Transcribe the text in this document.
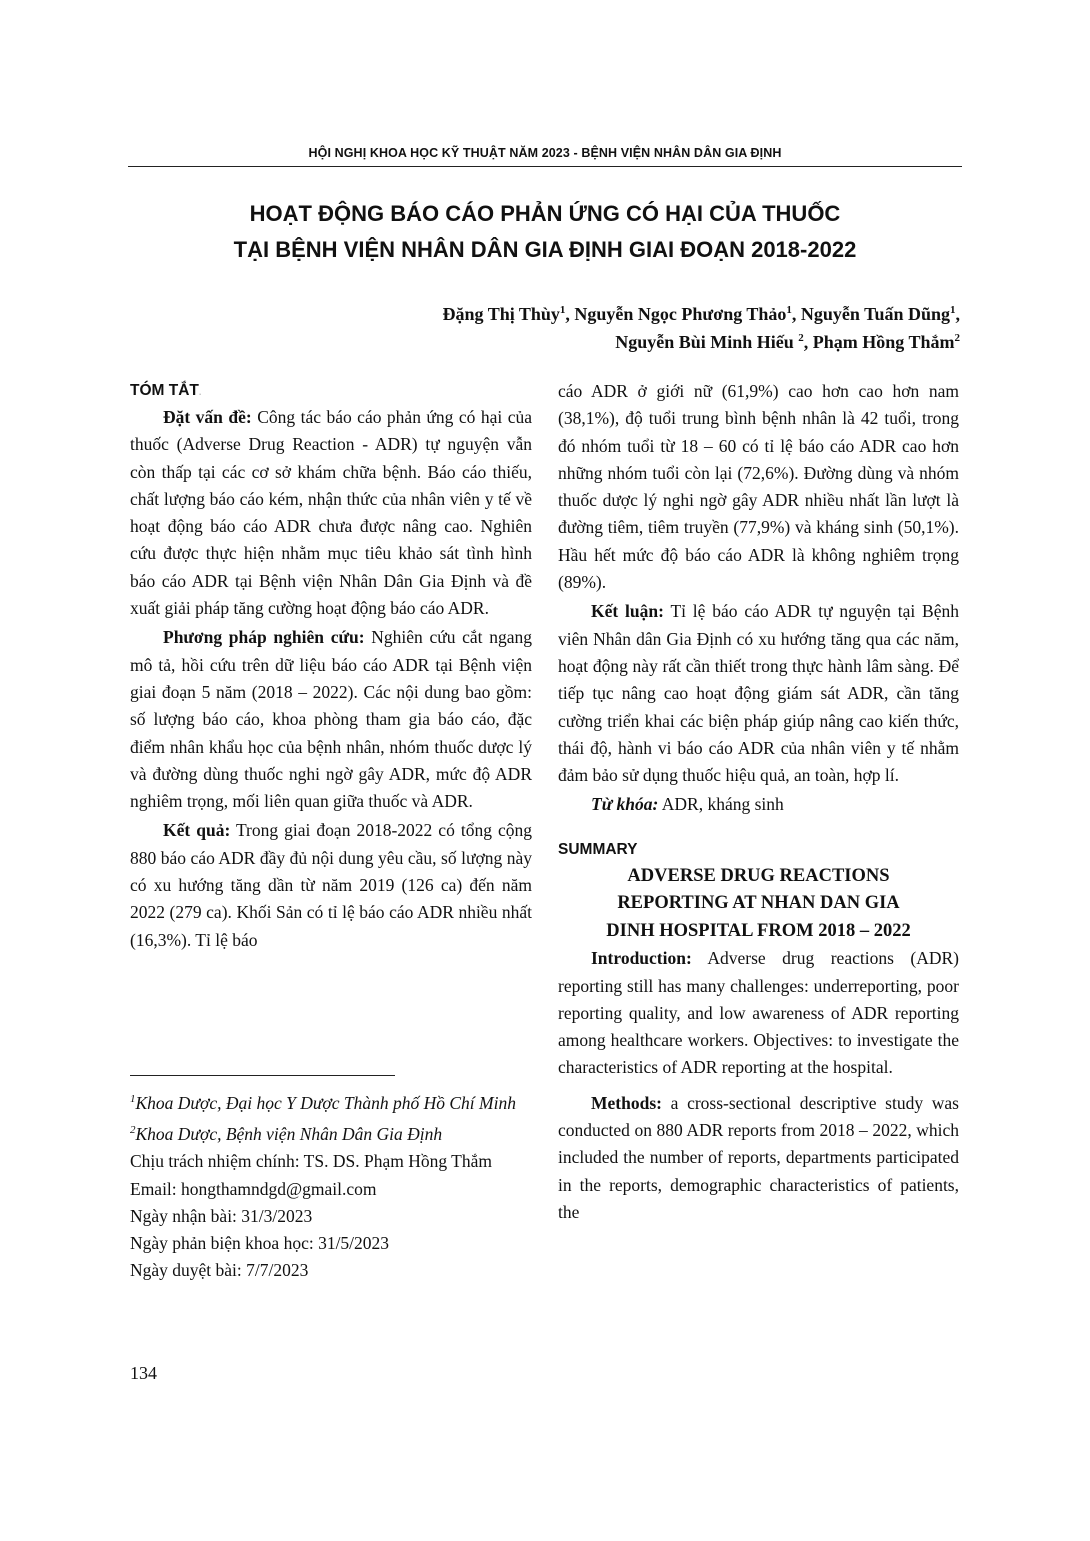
HỘI NGHỊ KHOA HỌC KỸ THUẬT NĂM 2023 - BỆNH VIỆN NHÂN DÂN GIA ĐỊNH
HOẠT ĐỘNG BÁO CÁO PHẢN ỨNG CÓ HẠI CỦA THUỐC
TẠI BỆNH VIỆN NHÂN DÂN GIA ĐỊNH GIAI ĐOẠN 2018-2022
Đặng Thị Thùy$^1$, Nguyễn Ngọc Phương Thảo$^1$, Nguyễn Tuấn Dũng$^1$,
Nguyễn Bùi Minh Hiếu $^2$, Phạm Hồng Thắm$^2$
TÓM TẮT.

Đặt vấn đề: Công tác báo cáo phản ứng có hại của thuốc (Adverse Drug Reaction - ADR) tự nguyện vẫn còn thấp tại các cơ sở khám chữa bệnh. Báo cáo thiếu, chất lượng báo cáo kém, nhận thức của nhân viên y tế về hoạt động báo cáo ADR chưa được nâng cao. Nghiên cứu được thực hiện nhằm mục tiêu khảo sát tình hình báo cáo ADR tại Bệnh viện Nhân Dân Gia Định và đề xuất giải pháp tăng cường hoạt động báo cáo ADR.

Phương pháp nghiên cứu: Nghiên cứu cắt ngang mô tả, hồi cứu trên dữ liệu báo cáo ADR tại Bệnh viện giai đoạn 5 năm (2018 – 2022). Các nội dung bao gồm: số lượng báo cáo, khoa phòng tham gia báo cáo, đặc điểm nhân khẩu học của bệnh nhân, nhóm thuốc dược lý và đường dùng thuốc nghi ngờ gây ADR, mức độ ADR nghiêm trọng, mối liên quan giữa thuốc và ADR.

Kết quả: Trong giai đoạn 2018-2022 có tổng cộng 880 báo cáo ADR đầy đủ nội dung yêu cầu, số lượng này có xu hướng tăng dần từ năm 2019 (126 ca) đến năm 2022 (279 ca). Khối Sản có tỉ lệ báo cáo ADR nhiều nhất (16,3%). Tỉ lệ báo

$^1$Khoa Dược, Đại học Y Dược Thành phố Hồ Chí Minh

$^2$Khoa Dược, Bệnh viện Nhân Dân Gia Định

Chịu trách nhiệm chính: TS. DS. Phạm Hồng Thắm

Email: hongthamndgd@gmail.com

Ngày nhận bài: 31/3/2023

Ngày phản biện khoa học: 31/5/2023

Ngày duyệt bài: 7/7/2023

cáo ADR ở giới nữ (61,9%) cao hơn cao hơn nam (38,1%), độ tuổi trung bình bệnh nhân là 42 tuổi, trong đó nhóm tuổi từ 18 – 60 có tỉ lệ báo cáo ADR cao hơn những nhóm tuổi còn lại (72,6%). Đường dùng và nhóm thuốc dược lý nghi ngờ gây ADR nhiều nhất lần lượt là đường tiêm, tiêm truyền (77,9%) và kháng sinh (50,1%). Hầu hết mức độ báo cáo ADR là không nghiêm trọng (89%).

Kết luận: Tỉ lệ báo cáo ADR tự nguyện tại Bệnh viên Nhân dân Gia Định có xu hướng tăng qua các năm, hoạt động này rất cần thiết trong thực hành lâm sàng. Để tiếp tục nâng cao hoạt động giám sát ADR, cần tăng cường triển khai các biện pháp giúp nâng cao kiến thức, thái độ, hành vi báo cáo ADR của nhân viên y tế nhằm đảm bảo sử dụng thuốc hiệu quả, an toàn, hợp lí.

Từ khóa: ADR, kháng sinh

SUMMARY

ADVERSE DRUG REACTIONS

REPORTING AT NHAN DAN GIA

DINH HOSPITAL FROM 2018 – 2022

Introduction: Adverse drug reactions (ADR) reporting still has many challenges: underreporting, poor reporting quality, and low awareness of ADR reporting among healthcare workers. Objectives: to investigate the characteristics of ADR reporting at the hospital.

Methods: a cross-sectional descriptive study was conducted on 880 ADR reports from 2018 – 2022, which included the number of reports, departments participated in the reports, demographic characteristics of patients, the

134
